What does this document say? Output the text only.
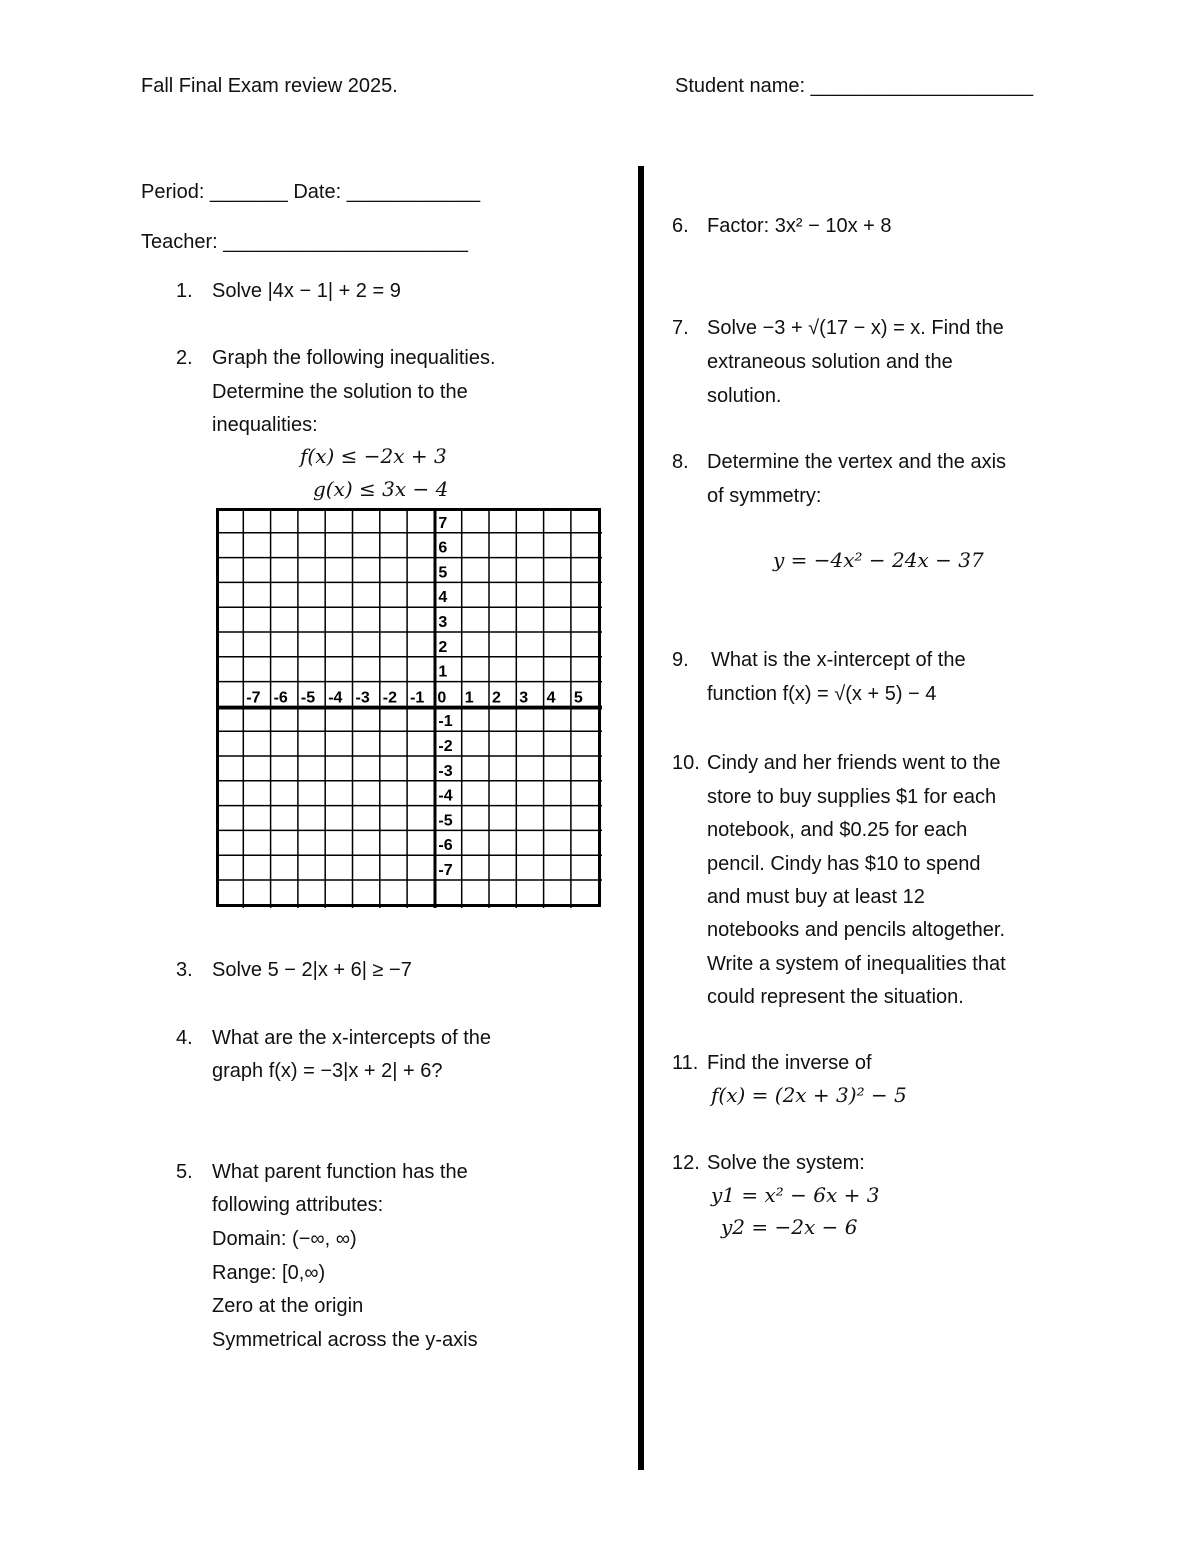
Fall Final Exam review 2025.	Student name: ____________________
Period: _______ Date: ____________
Teacher: ______________________
1. Solve |4x − 1| + 2 = 9
2. Graph the following inequalities.
Determine the solution to the
inequalities:
f(x) ≤ −2x + 3
g(x) ≤ 3x − 4
-7 -6 -5 -4 -3 -2 -1 0 1 2 3 4 5
7
6
5
4
3
2
1
-1
-2
-3
-4
-5
-6
-7
3. Solve 5 − 2|x + 6| ≥ −7
4. What are the x-intercepts of the
graph f(x) = −3|x + 2| + 6?
5. What parent function has the
following attributes:
Domain: (−∞, ∞)
Range: [0,∞)
Zero at the origin
Symmetrical across the y-axis
6. Factor: 3x² − 10x + 8
7. Solve −3 + √(17 − x) = x. Find the
extraneous solution and the
solution.
8. Determine the vertex and the axis
of symmetry:
y = −4x² − 24x − 37
9. What is the x-intercept of the
function f(x) = √(x + 5) − 4
10. Cindy and her friends went to the
store to buy supplies $1 for each
notebook, and $0.25 for each
pencil. Cindy has $10 to spend
and must buy at least 12
notebooks and pencils altogether.
Write a system of inequalities that
could represent the situation.
11. Find the inverse of
f(x) = (2x + 3)² − 5
12. Solve the system:
y1 = x² − 6x + 3
y2 = −2x − 6
